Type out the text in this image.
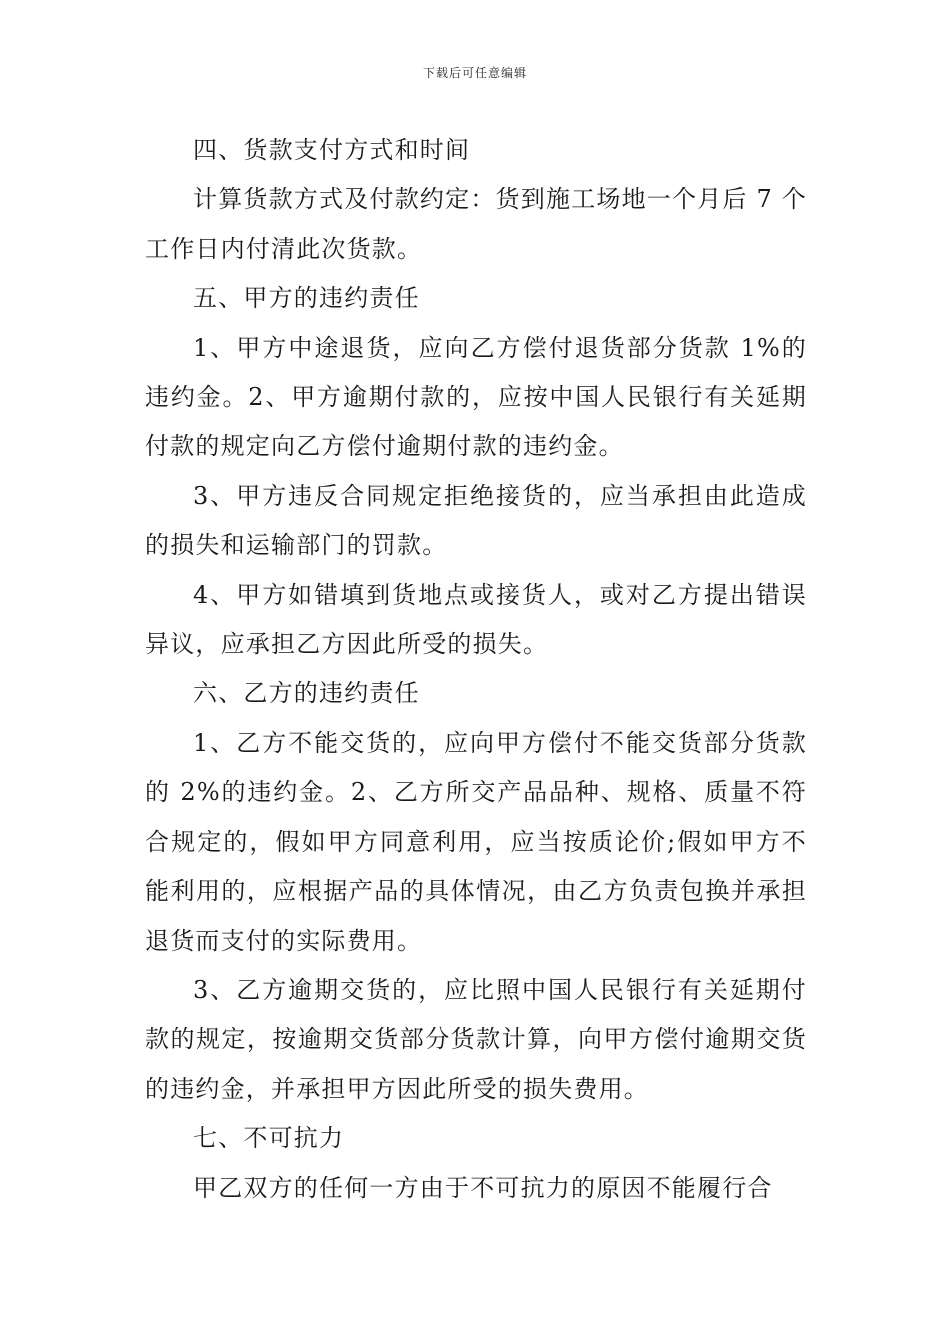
下载后可任意编辑

四、货款支付方式和时间

计算货款方式及付款约定：货到施工场地一个月后 7 个工作日内付清此次货款。

五、甲方的违约责任

1、甲方中途退货，应向乙方偿付退货部分货款 1%的违约金。2、甲方逾期付款的，应按中国人民银行有关延期付款的规定向乙方偿付逾期付款的违约金。

3、甲方违反合同规定拒绝接货的，应当承担由此造成的损失和运输部门的罚款。

4、甲方如错填到货地点或接货人，或对乙方提出错误异议，应承担乙方因此所受的损失。

六、乙方的违约责任

1、乙方不能交货的，应向甲方偿付不能交货部分货款的 2%的违约金。2、乙方所交产品品种、规格、质量不符合规定的，假如甲方同意利用，应当按质论价;假如甲方不能利用的，应根据产品的具体情况，由乙方负责包换并承担退货而支付的实际费用。

3、乙方逾期交货的，应比照中国人民银行有关延期付款的规定，按逾期交货部分货款计算，向甲方偿付逾期交货的违约金，并承担甲方因此所受的损失费用。

七、不可抗力

甲乙双方的任何一方由于不可抗力的原因不能履行合
